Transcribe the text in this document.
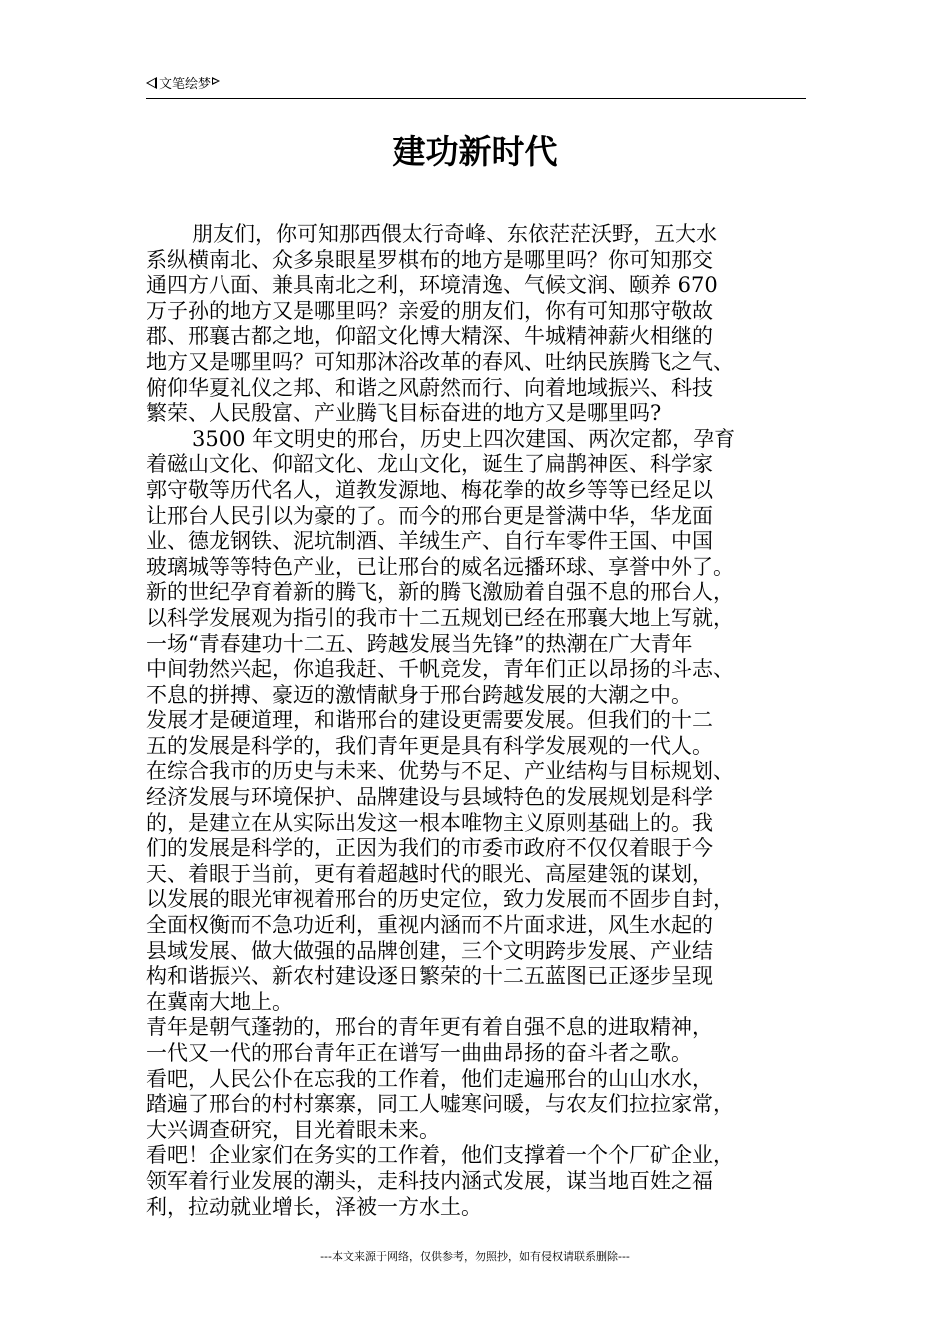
文笔绘梦
建功新时代
朋友们，你可知那西偎太行奇峰、东依茫茫沃野，五大水
系纵横南北、众多泉眼星罗棋布的地方是哪里吗？你可知那交
通四方八面、兼具南北之利，环境清逸、气候文润、颐养 670
万子孙的地方又是哪里吗？亲爱的朋友们，你有可知那守敬故
郡、邢襄古都之地，仰韶文化博大精深、牛城精神薪火相继的
地方又是哪里吗？可知那沐浴改革的春风、吐纳民族腾飞之气、
俯仰华夏礼仪之邦、和谐之风蔚然而行、向着地域振兴、科技
繁荣、人民殷富、产业腾飞目标奋进的地方又是哪里吗?
3500 年文明史的邢台，历史上四次建国、两次定都，孕育
着磁山文化、仰韶文化、龙山文化，诞生了扁鹊神医、科学家
郭守敬等历代名人，道教发源地、梅花拳的故乡等等已经足以
让邢台人民引以为豪的了。而今的邢台更是誉满中华，华龙面
业、德龙钢铁、泥坑制酒、羊绒生产、自行车零件王国、中国
玻璃城等等特色产业，已让邢台的威名远播环球、享誉中外了。
新的世纪孕育着新的腾飞，新的腾飞激励着自强不息的邢台人，
以科学发展观为指引的我市十二五规划已经在邢襄大地上写就，
一场“青春建功十二五、跨越发展当先锋”的热潮在广大青年
中间勃然兴起，你追我赶、千帆竞发，青年们正以昂扬的斗志、
不息的拼搏、豪迈的激情献身于邢台跨越发展的大潮之中。
发展才是硬道理，和谐邢台的建设更需要发展。但我们的十二
五的发展是科学的，我们青年更是具有科学发展观的一代人。
在综合我市的历史与未来、优势与不足、产业结构与目标规划、
经济发展与环境保护、品牌建设与县域特色的发展规划是科学
的，是建立在从实际出发这一根本唯物主义原则基础上的。我
们的发展是科学的，正因为我们的市委市政府不仅仅着眼于今
天、着眼于当前，更有着超越时代的眼光、高屋建瓴的谋划，
以发展的眼光审视着邢台的历史定位，致力发展而不固步自封，
全面权衡而不急功近利，重视内涵而不片面求进，风生水起的
县域发展、做大做强的品牌创建，三个文明跨步发展、产业结
构和谐振兴、新农村建设逐日繁荣的十二五蓝图已正逐步呈现
在冀南大地上。
青年是朝气蓬勃的，邢台的青年更有着自强不息的进取精神，
一代又一代的邢台青年正在谱写一曲曲昂扬的奋斗者之歌。
看吧，人民公仆在忘我的工作着，他们走遍邢台的山山水水，
踏遍了邢台的村村寨寨，同工人嘘寒问暖，与农友们拉拉家常，
大兴调查研究，目光着眼未来。
看吧！企业家们在务实的工作着，他们支撑着一个个厂矿企业，
领军着行业发展的潮头，走科技内涵式发展，谋当地百姓之福
利，拉动就业增长，泽被一方水土。
---本文来源于网络，仅供参考，勿照抄，如有侵权请联系删除---
